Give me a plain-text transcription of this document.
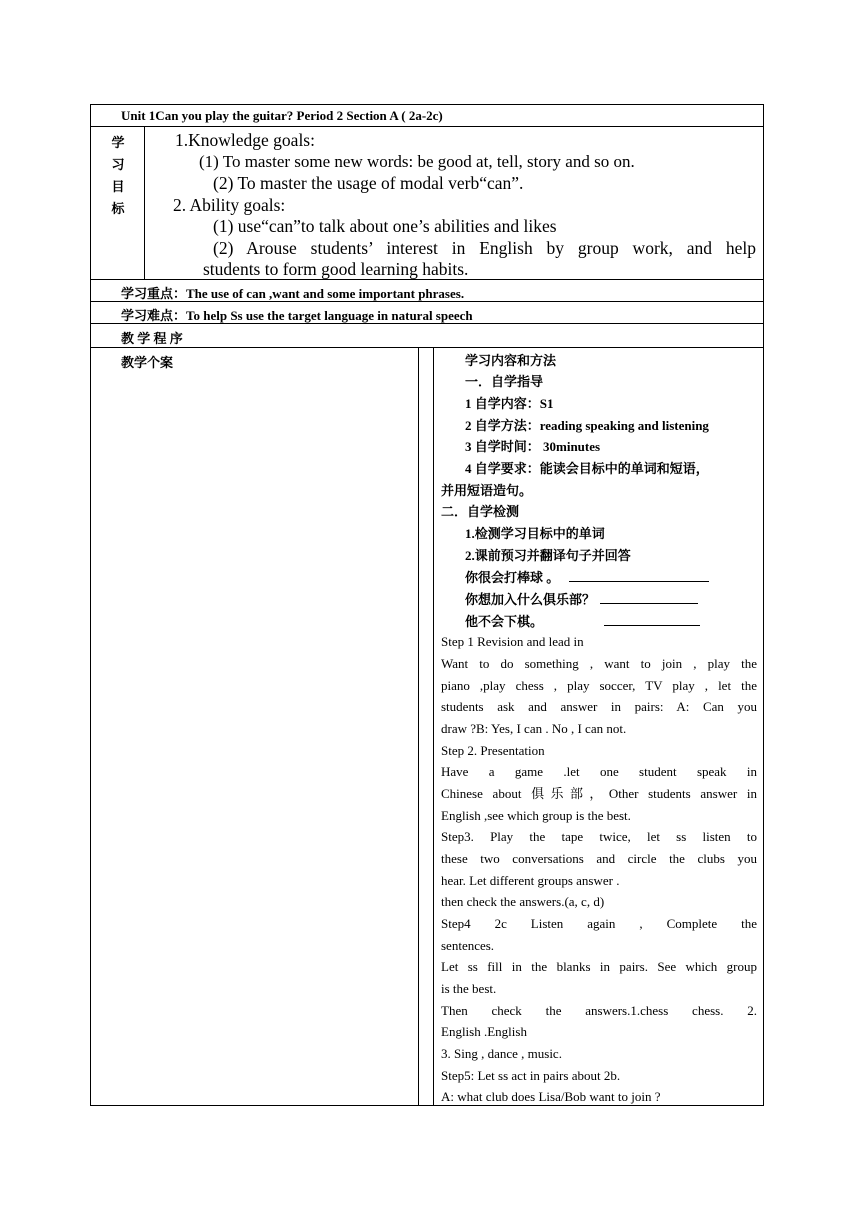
Unit 1Can you play the guitar? Period 2 Section A ( 2a-2c)
学
习
目
标
1.Knowledge goals:
(1) To master some new words: be good at, tell, story and so on.
(2) To master the usage of modal verb“can”.
2. Ability goals:
(1) use“can”to talk about one’s abilities and likes
(2) Arouse students’ interest in English by group work, and help
students to form good learning habits.
学习重点：The use of can ,want and some important phrases.
学习难点：To help Ss use the target language in natural speech
教 学 程 序
教学个案	学习内容和方法
一．自学指导
1 自学内容：S1
2 自学方法：reading speaking and listening
3 自学时间： 30minutes
4 自学要求：能读会目标中的单词和短语，
并用短语造句。
二．自学检测
1.检测学习目标中的单词
2.课前预习并翻译句子并回答
你很会打棒球 。
你想加入什么俱乐部？
他不会下棋。
Step 1 Revision and lead in
Want to do something , want to join , play the
piano ,play chess , play soccer, TV play , let the
students ask and answer in pairs: A: Can you
draw ?B: Yes, I can . No , I can not.
Step 2. Presentation
Have a game .let one student speak in
Chinese about 俱乐部，Other students answer in
English ,see which group is the best.
Step3. Play the tape twice, let ss listen to
these two conversations and circle the clubs you
hear. Let different groups answer .
then check the answers.(a, c, d)
Step4 2c Listen again , Complete the
sentences.
Let ss fill in the blanks in pairs. See which group
is the best.
Then check the answers.1.chess chess. 2.
English .English
3. Sing , dance , music.
Step5: Let ss act in pairs about 2b.
A: what club does Lisa/Bob want to join ?
